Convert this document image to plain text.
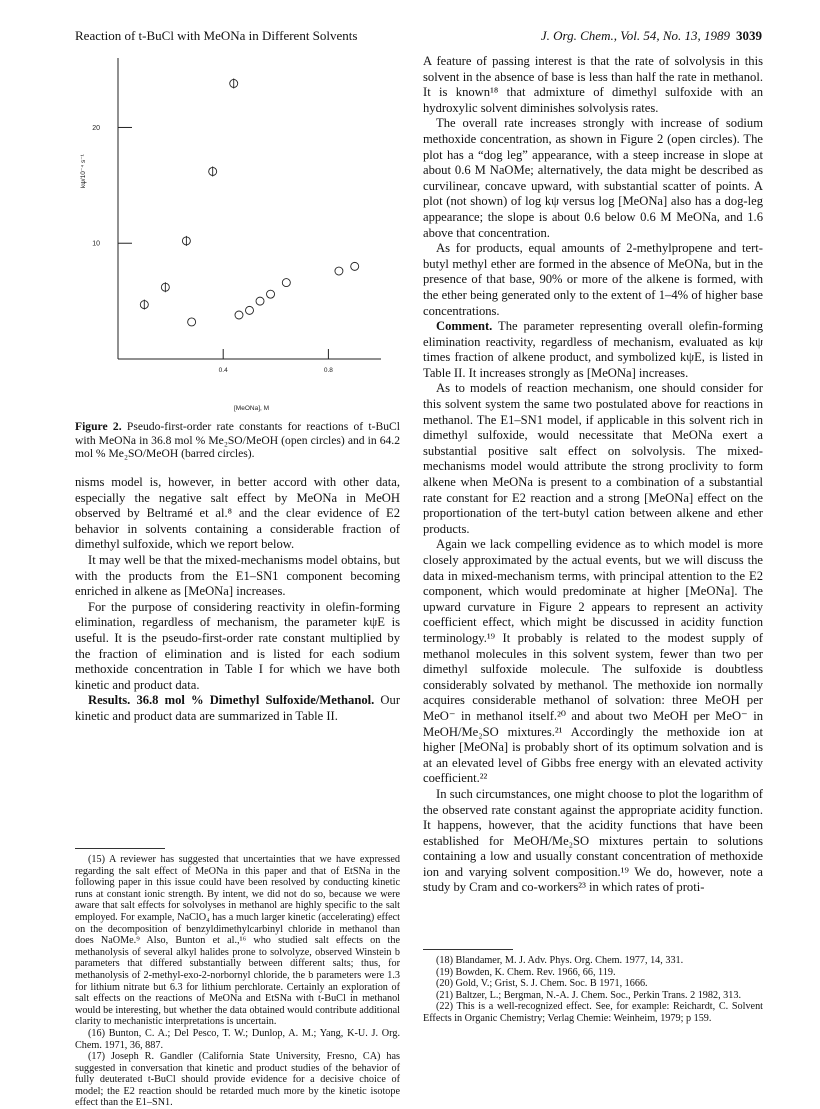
Reaction of t-BuCl with MeONa in Different Solvents	J. Org. Chem., Vol. 54, No. 13, 1989 3039
10
20
0.4	0.8
kψ/10⁻⁴ s⁻¹
[MeONa], M
Figure 2. Pseudo-first-order rate constants for reactions of t-BuCl with MeONa in 36.8 mol % Me₂SO/MeOH (open circles) and in 64.2 mol % Me₂SO/MeOH (barred circles).

nisms model is, however, in better accord with other data, especially the negative salt effect by MeONa in MeOH observed by Beltramé et al.⁸ and the clear evidence of E2 behavior in solvents containing a considerable fraction of dimethyl sulfoxide, which we report below.

It may well be that the mixed-mechanisms model obtains, but with the products from the E1–SN1 component becoming enriched in alkene as [MeONa] increases.

For the purpose of considering reactivity in olefin-forming elimination, regardless of mechanism, the parameter kψE is useful. It is the pseudo-first-order rate constant multiplied by the fraction of elimination and is listed for each sodium methoxide concentration in Table I for which we have both kinetic and product data.

Results. 36.8 mol % Dimethyl Sulfoxide/Methanol. Our kinetic and product data are summarized in Table II.

A feature of passing interest is that the rate of solvolysis in this solvent in the absence of base is less than half the rate in methanol. It is known¹⁸ that admixture of dimethyl sulfoxide with an hydroxylic solvent diminishes solvolysis rates.

The overall rate increases strongly with increase of sodium methoxide concentration, as shown in Figure 2 (open circles). The plot has a “dog leg” appearance, with a steep increase in slope at about 0.6 M NaOMe; alternatively, the data might be described as curvilinear, concave upward, with substantial scatter of points. A plot (not shown) of log kψ versus log [MeONa] also has a dog-leg appearance; the slope is about 0.6 below 0.6 M MeONa, and 1.6 above that concentration.

As for products, equal amounts of 2-methylpropene and tert-butyl methyl ether are formed in the absence of MeONa, but in the presence of that base, 90% or more of the alkene is formed, with the ether being generated only to the extent of 1–4% of higher base concentrations.

Comment. The parameter representing overall olefin-forming elimination reactivity, regardless of mechanism, evaluated as kψ times fraction of alkene product, and symbolized kψE, is listed in Table II. It increases strongly as [MeONa] increases.

As to models of reaction mechanism, one should consider for this solvent system the same two postulated above for reactions in methanol. The E1–SN1 model, if applicable in this solvent rich in dimethyl sulfoxide, would necessitate that MeONa exert a substantial positive salt effect on solvolysis. The mixed-mechanisms model would attribute the strong proclivity to form alkene when MeONa is present to a combination of a substantial rate constant for E2 reaction and a strong [MeONa] effect on the proportionation of the tert-butyl cation between alkene and ether products.

Again we lack compelling evidence as to which model is more closely approximated by the actual events, but we will discuss the data in mixed-mechanism terms, with principal attention to the E2 component, which would predominate at higher [MeONa]. The upward curvature in Figure 2 appears to represent an activity coefficient effect, which might be discussed in acidity function terminology.¹⁹ It probably is related to the modest supply of methanol molecules in this solvent system, fewer than two per dimethyl sulfoxide molecule. The sulfoxide is doubtless considerably solvated by methanol. The methoxide ion normally acquires considerable methanol of solvation: three MeOH per MeO⁻ in methanol itself.²⁰ and about two MeOH per MeO⁻ in MeOH/Me₂SO mixtures.²¹ Accordingly the methoxide ion at higher [MeONa] is probably short of its optimum solvation and is at an elevated level of Gibbs free energy with an elevated activity coefficient.²²

In such circumstances, one might choose to plot the logarithm of the observed rate constant against the appropriate acidity function. It happens, however, that the acidity functions that have been established for MeOH/Me₂SO mixtures pertain to solutions containing a low and usually constant concentration of methoxide ion and varying solvent composition.¹⁹ We do, however, note a study by Cram and co-workers²³ in which rates of proti-

(15) A reviewer has suggested that uncertainties that we have expressed regarding the salt effect of MeONa in this paper and that of EtSNa in the following paper in this issue could have been resolved by conducting kinetic runs at constant ionic strength. By intent, we did not do so, because we were aware that salt effects for solvolyses in methanol are highly specific to the salt employed. For example, NaClO₄ has a much larger kinetic (accelerating) effect on the decomposition of benzyldimethylcarbinyl chloride in methanol than does NaOMe.⁹ Also, Bunton et al.,¹⁶ who studied salt effects on the methanolysis of several alkyl halides prone to solvolyze, observed Winstein b parameters that differed substantially between different salts; thus, for methanolysis of 2-methyl-exo-2-norbornyl chloride, the b parameters were 1.3 for lithium nitrate but 6.3 for lithium perchlorate. Certainly an exploration of salt effects on the reactions of MeONa and EtSNa with t-BuCl in methanol would be interesting, but whether the data obtained would contribute additional clarity to mechanistic interpretations is uncertain.

(16) Bunton, C. A.; Del Pesco, T. W.; Dunlop, A. M.; Yang, K-U. J. Org. Chem. 1971, 36, 887.

(17) Joseph R. Gandler (California State University, Fresno, CA) has suggested in conversation that kinetic and product studies of the behavior of fully deuterated t-BuCl should provide evidence for a decisive choice of model; the E2 reaction should be retarded much more by the kinetic isotope effect than the E1–SN1.

(18) Blandamer, M. J. Adv. Phys. Org. Chem. 1977, 14, 331.

(19) Bowden, K. Chem. Rev. 1966, 66, 119.

(20) Gold, V.; Grist, S. J. Chem. Soc. B 1971, 1666.

(21) Baltzer, L.; Bergman, N.-A. J. Chem. Soc., Perkin Trans. 2 1982, 313.

(22) This is a well-recognized effect. See, for example: Reichardt, C. Solvent Effects in Organic Chemistry; Verlag Chemie: Weinheim, 1979; p 159.
